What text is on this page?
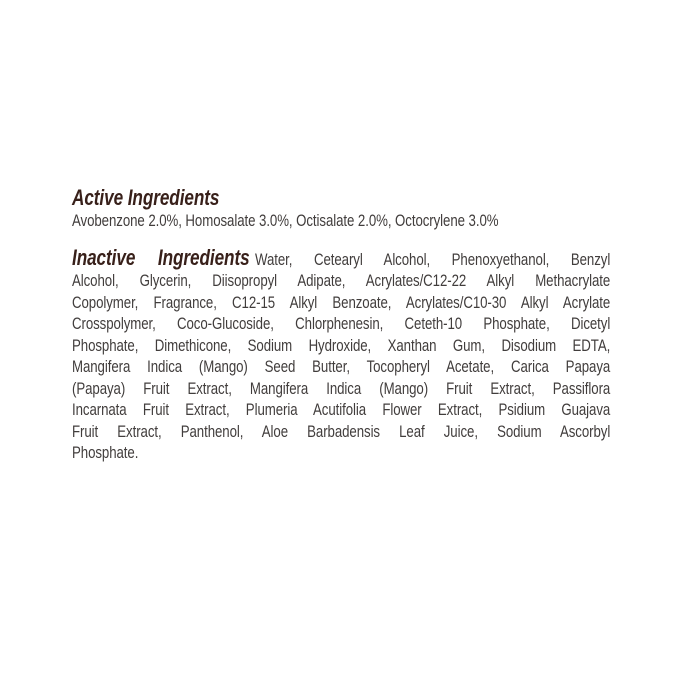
Active Ingredients
Avobenzone 2.0%, Homosalate 3.0%, Octisalate 2.0%, Octocrylene 3.0%
Inactive Ingredients Water, Cetearyl Alcohol, Phenoxyethanol, Benzyl
Alcohol, Glycerin, Diisopropyl Adipate, Acrylates/C12-22 Alkyl Methacrylate
Copolymer, Fragrance, C12-15 Alkyl Benzoate, Acrylates/C10-30 Alkyl Acrylate
Crosspolymer, Coco-Glucoside, Chlorphenesin, Ceteth-10 Phosphate, Dicetyl
Phosphate, Dimethicone, Sodium Hydroxide, Xanthan Gum, Disodium EDTA,
Mangifera Indica (Mango) Seed Butter, Tocopheryl Acetate, Carica Papaya
(Papaya) Fruit Extract, Mangifera Indica (Mango) Fruit Extract, Passiflora
Incarnata Fruit Extract, Plumeria Acutifolia Flower Extract, Psidium Guajava
Fruit Extract, Panthenol, Aloe Barbadensis Leaf Juice, Sodium Ascorbyl
Phosphate.
